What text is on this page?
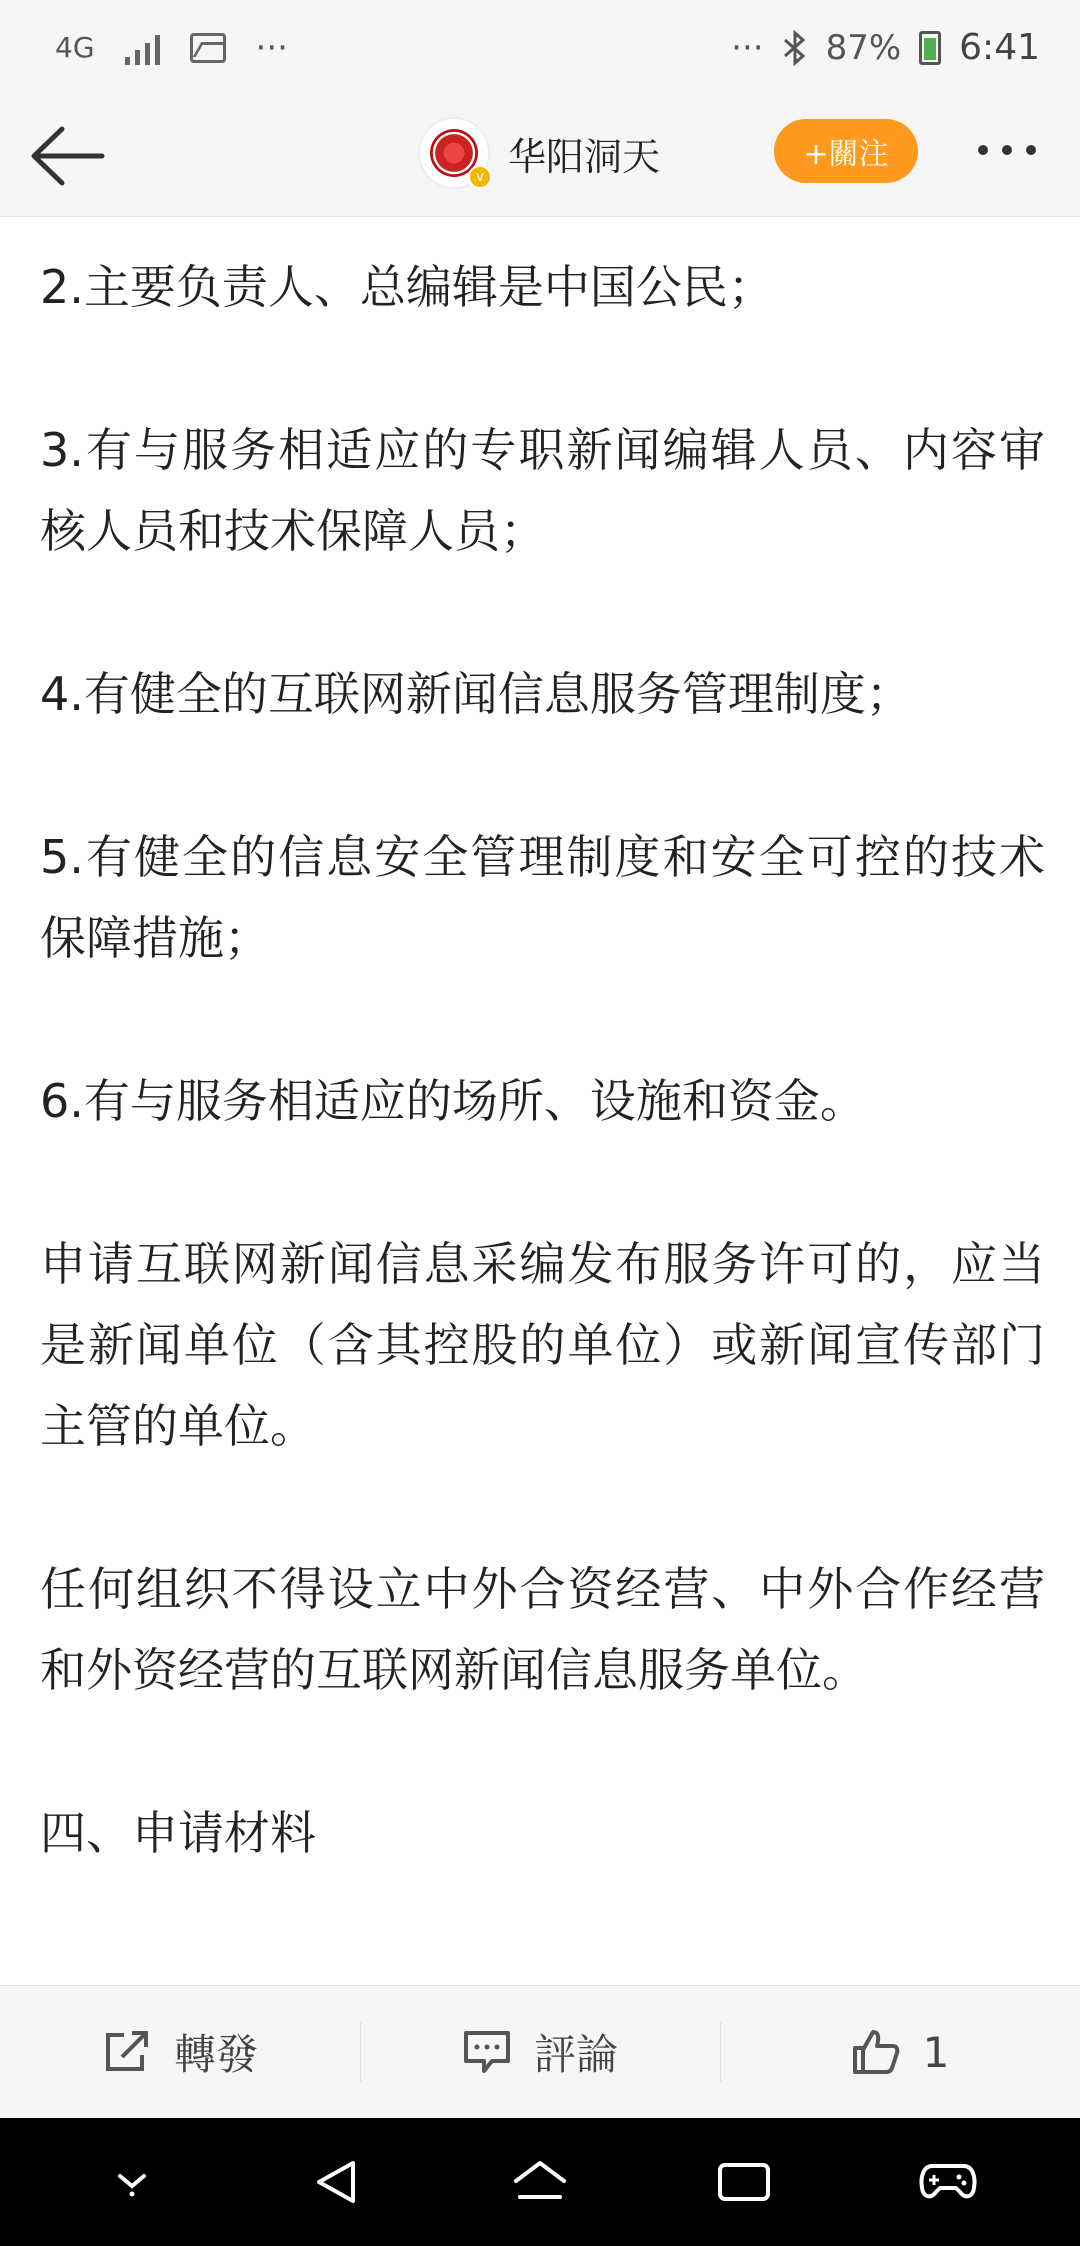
4G	···	··· 87% 6:41
v 华阳洞天	+關注

2.主要负责人、总编辑是中国公民；

3.有与服务相适应的专职新闻编辑人员、内容审核人员和技术保障人员；

4.有健全的互联网新闻信息服务管理制度；

5.有健全的信息安全管理制度和安全可控的技术保障措施；

6.有与服务相适应的场所、设施和资金。

申请互联网新闻信息采编发布服务许可的，应当是新闻单位（含其控股的单位）或新闻宣传部门主管的单位。

任何组织不得设立中外合资经营、中外合作经营和外资经营的互联网新闻信息服务单位。

四、申请材料

轉發	評論	1
